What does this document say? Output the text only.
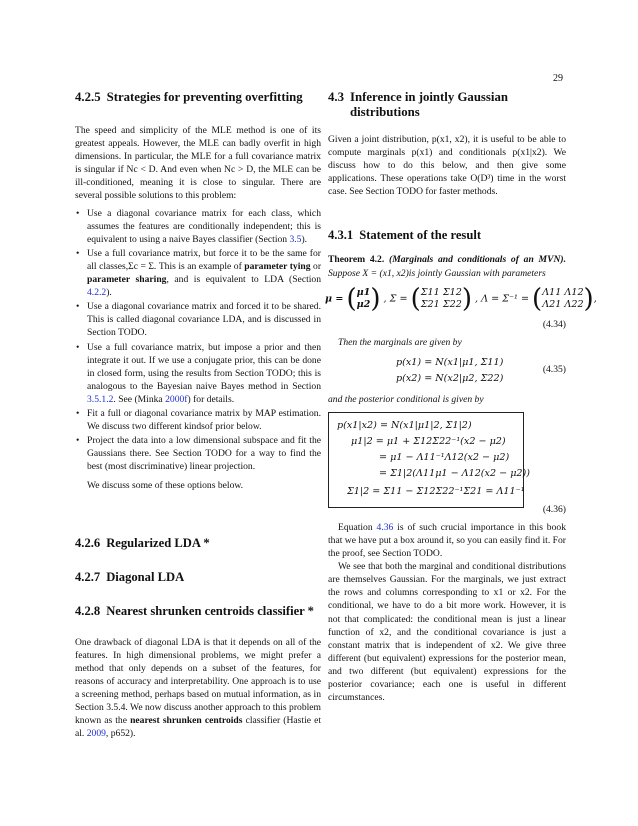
29
4.2.5 Strategies for preventing overfitting

The speed and simplicity of the MLE method is one of its greatest appeals. However, the MLE can badly overfit in high dimensions. In particular, the MLE for a full covariance matrix is singular if Nc < D. And even when Nc > D, the MLE can be ill-conditioned, meaning it is close to singular. There are several possible solutions to this problem:

• Use a diagonal covariance matrix for each class, which assumes the features are conditionally independent; this is equivalent to using a naive Bayes classifier (Section 3.5).
• Use a full covariance matrix, but force it to be the same for all classes,Σc = Σ. This is an example of parameter tying or parameter sharing, and is equivalent to LDA (Section 4.2.2).
• Use a diagonal covariance matrix and forced it to be shared. This is called diagonal covariance LDA, and is discussed in Section TODO.
• Use a full covariance matrix, but impose a prior and then integrate it out. If we use a conjugate prior, this can be done in closed form, using the results from Section TODO; this is analogous to the Bayesian naive Bayes method in Section 3.5.1.2. See (Minka 2000f) for details.
• Fit a full or diagonal covariance matrix by MAP estimation. We discuss two different kindsof prior below.
• Project the data into a low dimensional subspace and fit the Gaussians there. See Section TODO for a way to find the best (most discriminative) linear projection.

We discuss some of these options below.

4.2.6 Regularized LDA *
4.2.7 Diagonal LDA
4.2.8 Nearest shrunken centroids classifier *

One drawback of diagonal LDA is that it depends on all of the features. In high dimensional problems, we might prefer a method that only depends on a subset of the features, for reasons of accuracy and interpretability. One approach is to use a screening method, perhaps based on mutual information, as in Section 3.5.4. We now discuss another approach to this problem known as the nearest shrunken centroids classifier (Hastie et al. 2009, p652).

4.3 Inference in jointly Gaussian distributions

Given a joint distribution, p(x1, x2), it is useful to be able to compute marginals p(x1) and conditionals p(x1|x2). We discuss how to do this below, and then give some applications. These operations take O(D³) time in the worst case. See Section TODO for faster methods.

4.3.1 Statement of the result

Theorem 4.2. (Marginals and conditionals of an MVN). Suppose X = (x1, x2)is jointly Gaussian with parameters

μ = (μ1
μ2) , Σ = (Σ11 Σ12
Σ21 Σ22) , Λ = Σ⁻¹ = (Λ11 Λ12
Λ21 Λ22),
(4.34)

Then the marginals are given by

p(x1) = N(x1|μ1, Σ11)
p(x2) = N(x2|μ2, Σ22)
(4.35)

and the posterior conditional is given by

p(x1|x2) = N(x1|μ1|2, Σ1|2)
μ1|2 = μ1 + Σ12Σ22⁻¹(x2 − μ2)
= μ1 − Λ11⁻¹Λ12(x2 − μ2)
= Σ1|2(Λ11μ1 − Λ12(x2 − μ2))
Σ1|2 = Σ11 − Σ12Σ22⁻¹Σ21 = Λ11⁻¹
(4.36)

Equation 4.36 is of such crucial importance in this book that we have put a box around it, so you can easily find it. For the proof, see Section TODO.

We see that both the marginal and conditional distributions are themselves Gaussian. For the marginals, we just extract the rows and columns corresponding to x1 or x2. For the conditional, we have to do a bit more work. However, it is not that complicated: the conditional mean is just a linear function of x2, and the conditional covariance is just a constant matrix that is independent of x2. We give three different (but equivalent) expressions for the posterior mean, and two different (but equivalent) expressions for the posterior covariance; each one is useful in different circumstances.
